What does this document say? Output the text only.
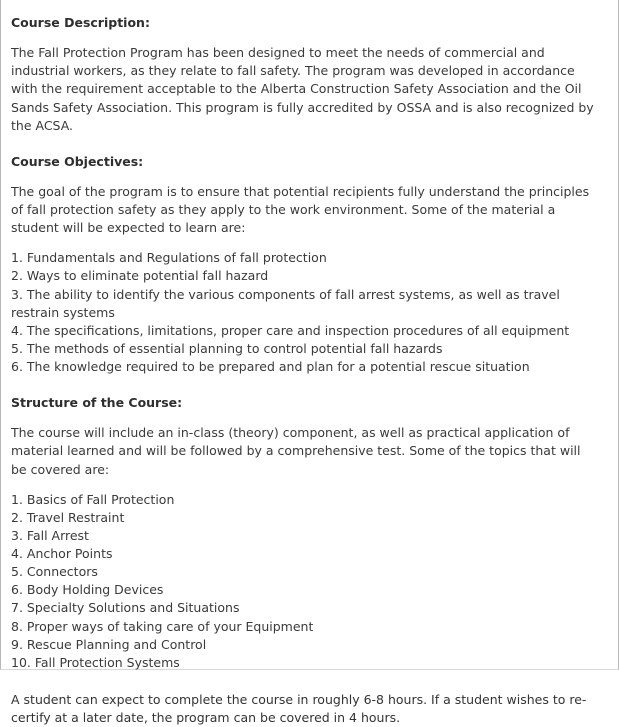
Course Description:

The Fall Protection Program has been designed to meet the needs of commercial and industrial workers, as they relate to fall safety. The program was developed in accordance with the requirement acceptable to the Alberta Construction Safety Association and the Oil Sands Safety Association. This program is fully accredited by OSSA and is also recognized by the ACSA.

Course Objectives:

The goal of the program is to ensure that potential recipients fully understand the principles of fall protection safety as they apply to the work environment. Some of the material a student will be expected to learn are:

1. Fundamentals and Regulations of fall protection

2. Ways to eliminate potential fall hazard

3. The ability to identify the various components of fall arrest systems, as well as travel restrain systems

4. The specifications, limitations, proper care and inspection procedures of all equipment

5. The methods of essential planning to control potential fall hazards

6. The knowledge required to be prepared and plan for a potential rescue situation

Structure of the Course:

The course will include an in-class (theory) component, as well as practical application of material learned and will be followed by a comprehensive test. Some of the topics that will be covered are:

1. Basics of Fall Protection

2. Travel Restraint

3. Fall Arrest

4. Anchor Points

5. Connectors

6. Body Holding Devices

7. Specialty Solutions and Situations

8. Proper ways of taking care of your Equipment

9. Rescue Planning and Control

10. Fall Protection Systems

A student can expect to complete the course in roughly 6-8 hours. If a student wishes to re-certify at a later date, the program can be covered in 4 hours.
